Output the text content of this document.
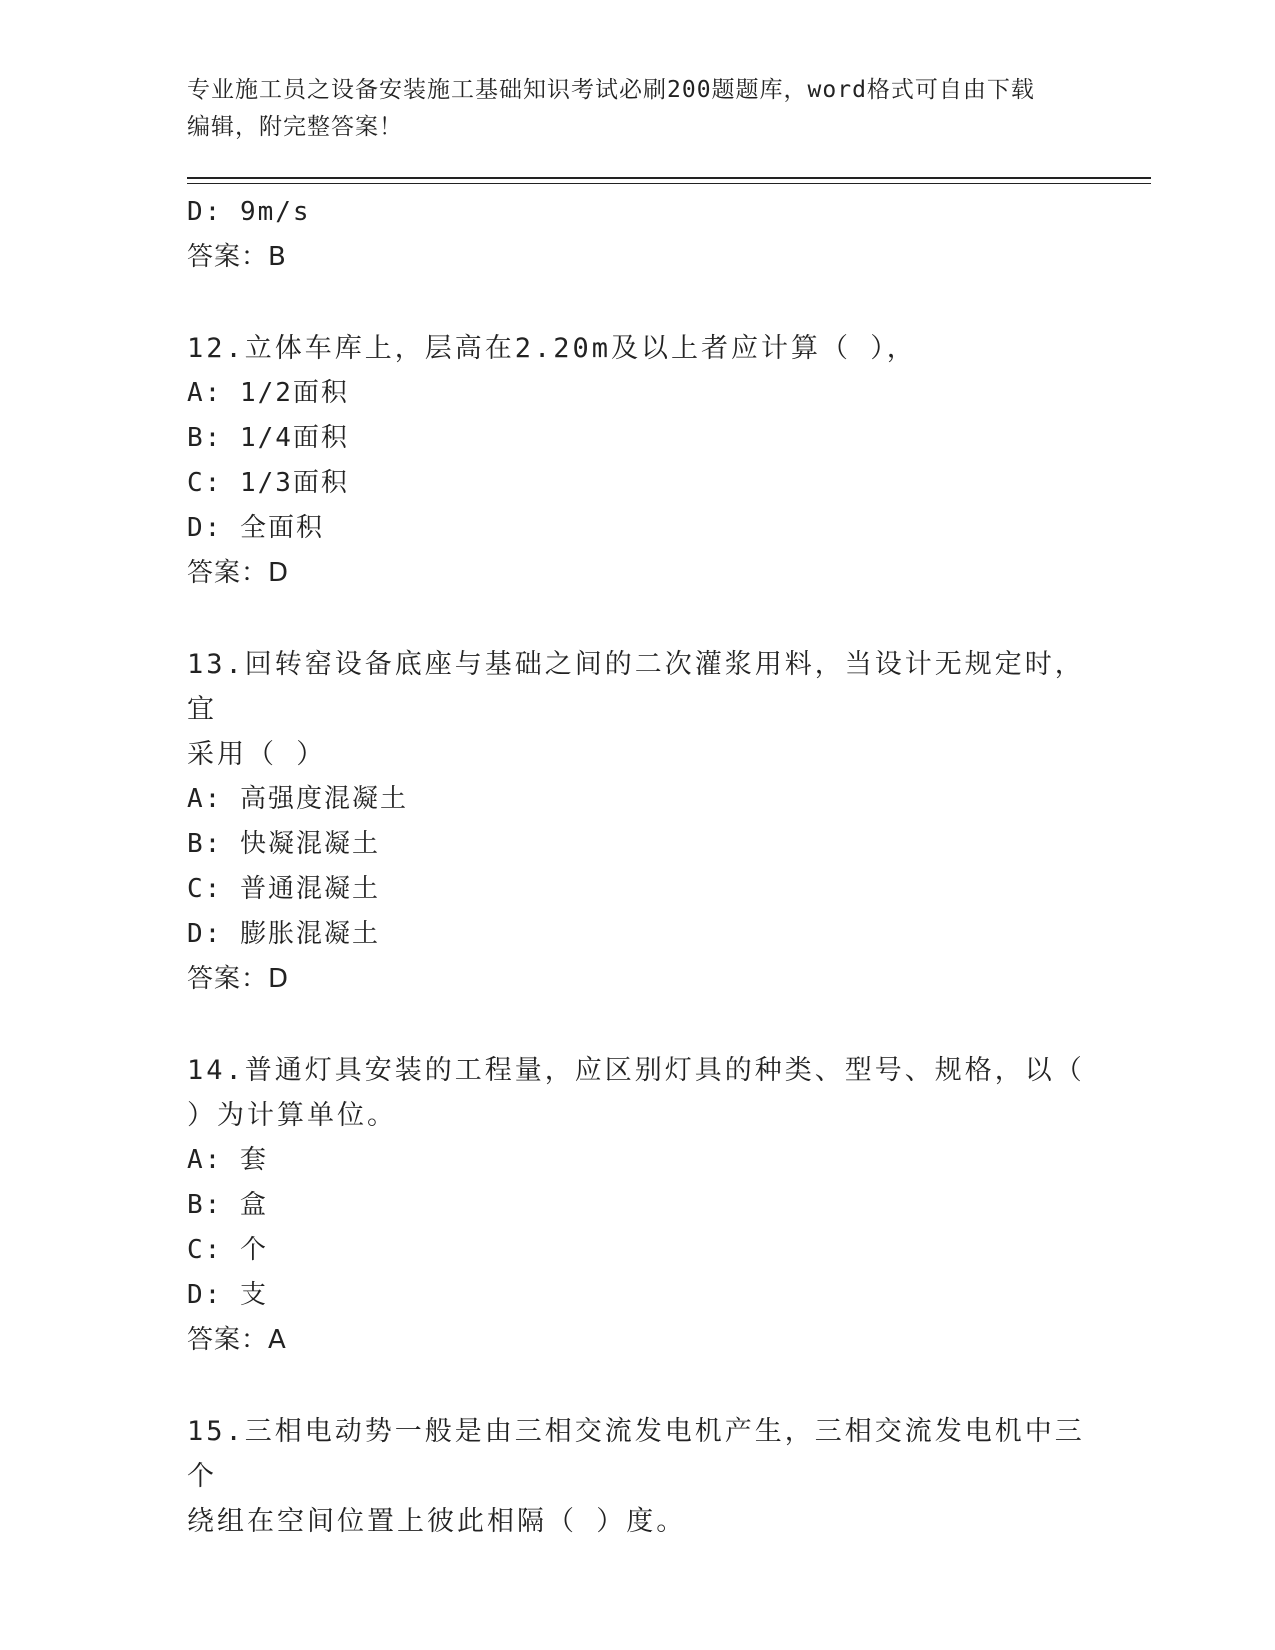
专业施工员之设备安装施工基础知识考试必刷200题题库，word格式可自由下载
编辑，附完整答案！
D: 9m/s
答案：B
12.立体车库上，层高在2.20m及以上者应计算（ ），
A: 1/2面积
B: 1/4面积
C: 1/3面积
D: 全面积
答案：D
13.回转窑设备底座与基础之间的二次灌浆用料，当设计无规定时，宜
采用（ ）
A: 高强度混凝土
B: 快凝混凝土
C: 普通混凝土
D: 膨胀混凝土
答案：D
14.普通灯具安装的工程量，应区别灯具的种类、型号、规格，以（
）为计算单位。
A: 套
B: 盒
C: 个
D: 支
答案：A
15.三相电动势一般是由三相交流发电机产生，三相交流发电机中三个
绕组在空间位置上彼此相隔（ ）度。
